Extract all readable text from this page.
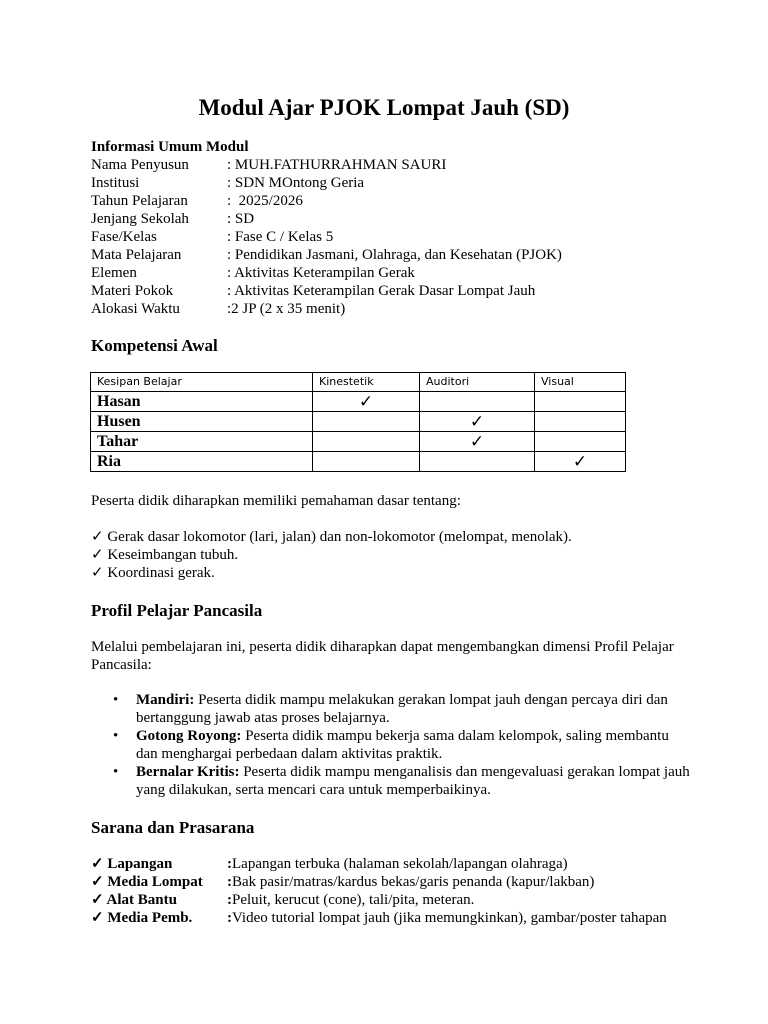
Modul Ajar PJOK Lompat Jauh (SD)
Informasi Umum Modul
Nama Penyusun	: MUH.FATHURRAHMAN SAURI
Institusi	: SDN MOntong Geria
Tahun Pelajaran	:  2025/2026
Jenjang Sekolah	: SD
Fase/Kelas	: Fase C / Kelas 5
Mata Pelajaran	: Pendidikan Jasmani, Olahraga, dan Kesehatan (PJOK)
Elemen	: Aktivitas Keterampilan Gerak
Materi Pokok	: Aktivitas Keterampilan Gerak Dasar Lompat Jauh
Alokasi Waktu	:2 JP (2 x 35 menit)
Kompetensi Awal
Kesipan Belajar	Kinestetik	Auditori	Visual
Hasan	✓		
Husen		✓	
Tahar		✓	
Ria			✓
Peserta didik diharapkan memiliki pemahaman dasar tentang:
✓ Gerak dasar lokomotor (lari, jalan) dan non-lokomotor (melompat, menolak).
✓ Keseimbangan tubuh.
✓ Koordinasi gerak.
Profil Pelajar Pancasila
Melalui pembelajaran ini, peserta didik diharapkan dapat mengembangkan dimensi Profil Pelajar Pancasila:
• Mandiri: Peserta didik mampu melakukan gerakan lompat jauh dengan percaya diri dan bertanggung jawab atas proses belajarnya.
• Gotong Royong: Peserta didik mampu bekerja sama dalam kelompok, saling membantu dan menghargai perbedaan dalam aktivitas praktik.
• Bernalar Kritis: Peserta didik mampu menganalisis dan mengevaluasi gerakan lompat jauh yang dilakukan, serta mencari cara untuk memperbaikinya.
Sarana dan Prasarana
✓ Lapangan	: Lapangan terbuka (halaman sekolah/lapangan olahraga)
✓ Media Lompat	: Bak pasir/matras/kardus bekas/garis penanda (kapur/lakban)
✓ Alat Bantu	: Peluit, kerucut (cone), tali/pita, meteran.
✓ Media Pemb.	: Video tutorial lompat jauh (jika memungkinkan), gambar/poster tahapan
